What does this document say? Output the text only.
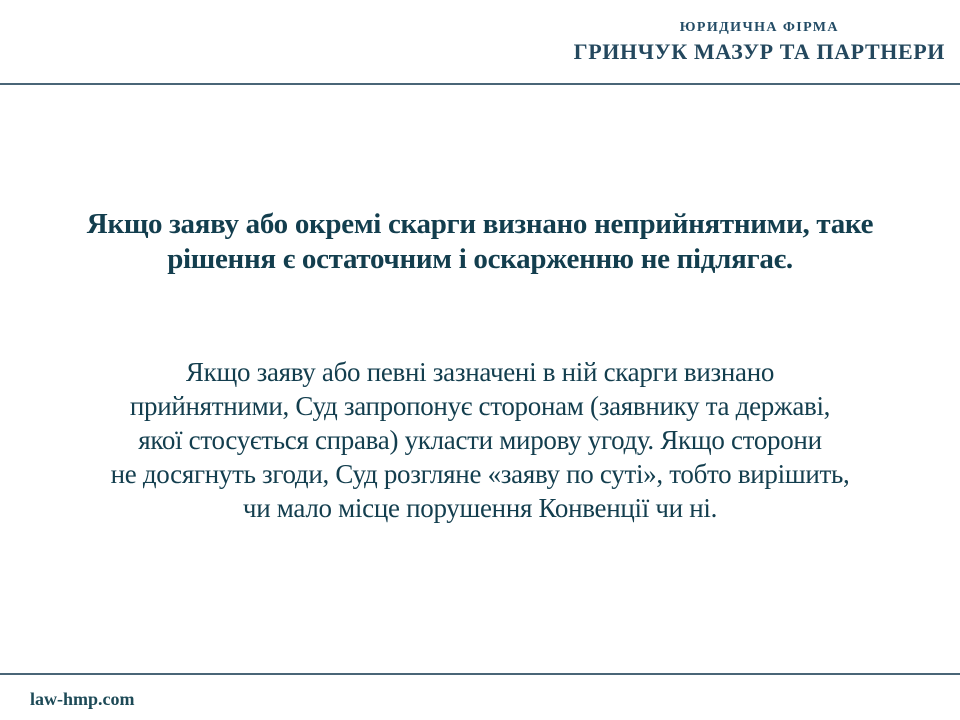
ЮРИДИЧНА ФІРМА
ГРИНЧУК МАЗУР ТА ПАРТНЕРИ
Якщо заяву або окремі скарги визнано неприйнятними, таке
рішення є остаточним і оскарженню не підлягає.
Якщо заяву або певні зазначені в ній скарги визнано
прийнятними, Суд запропонує сторонам (заявнику та державі,
якої стосується справа) укласти мирову угоду. Якщо сторони
не досягнуть згоди, Суд розгляне «заяву по суті», тобто вирішить,
чи мало місце порушення Конвенції чи ні.
law-hmp.com
